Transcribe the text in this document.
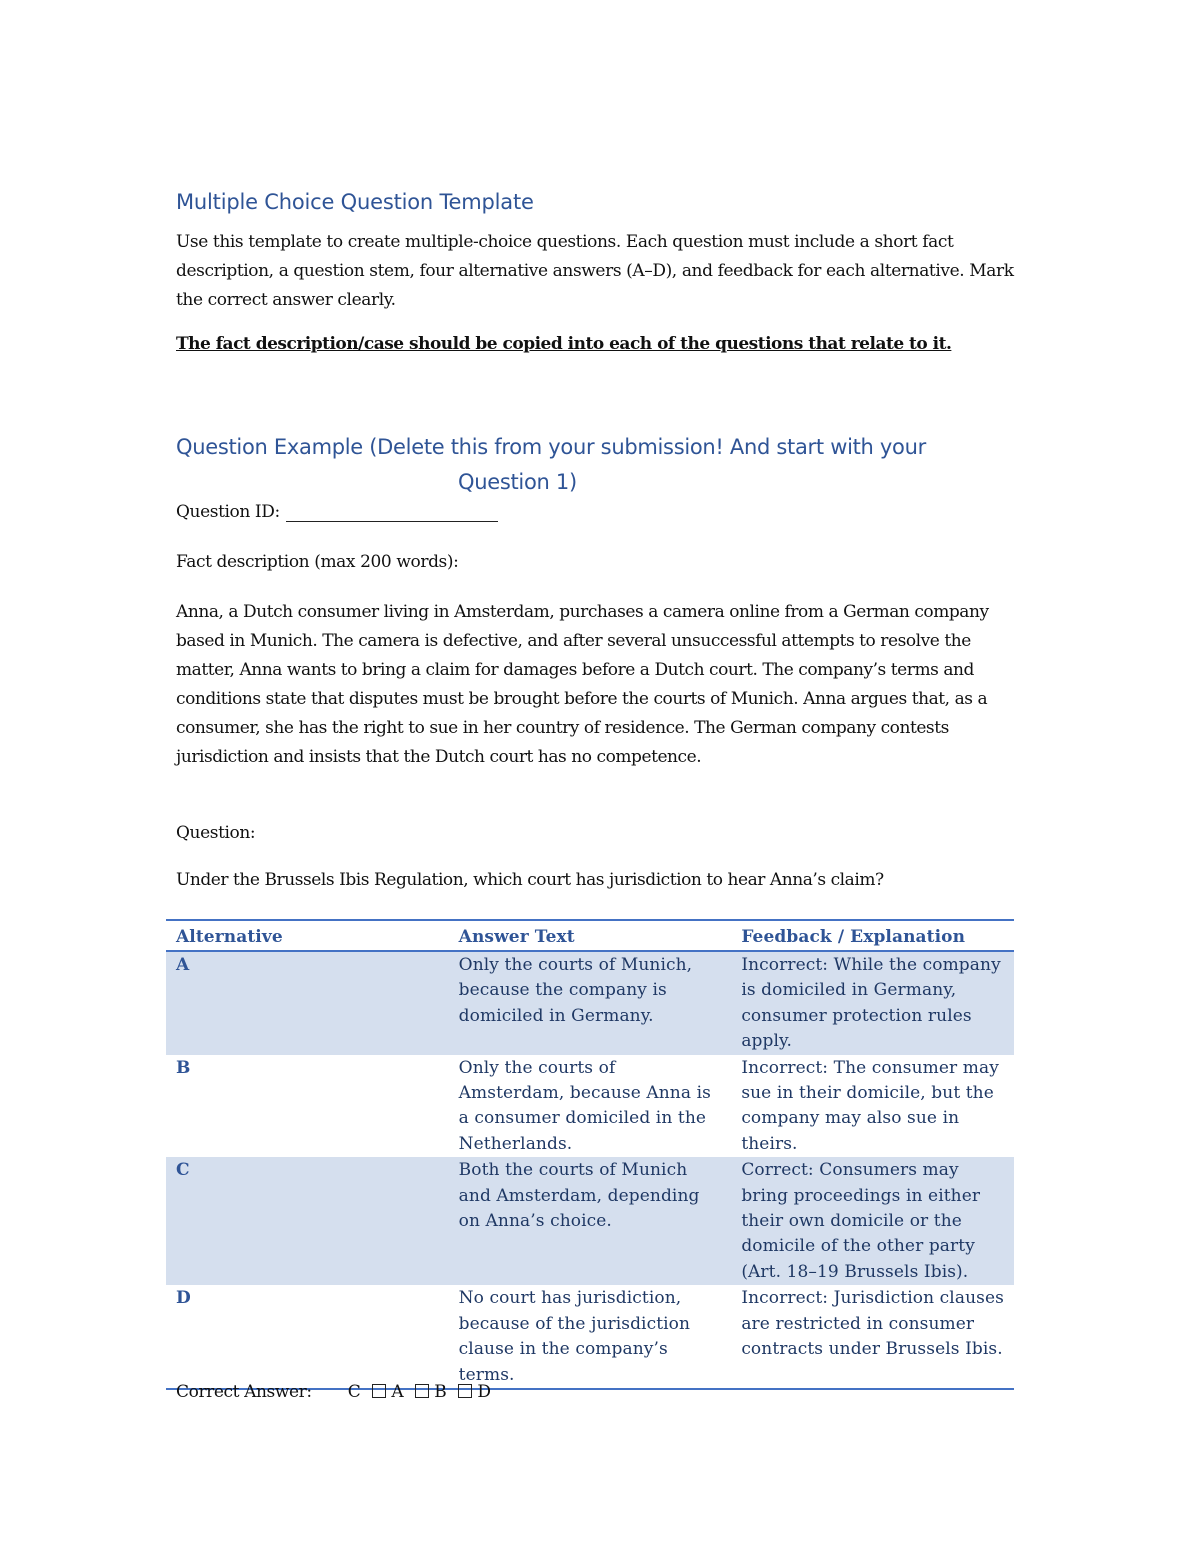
Multiple Choice Question Template
Use this template to create multiple-choice questions. Each question must include a short fact description, a question stem, four alternative answers (A–D), and feedback for each alternative. Mark the correct answer clearly.
The fact description/case should be copied into each of the questions that relate to it.
Question Example (Delete this from your submission! And start with your
Question 1)
Question ID:
Fact description (max 200 words):
Anna, a Dutch consumer living in Amsterdam, purchases a camera online from a German company based in Munich. The camera is defective, and after several unsuccessful attempts to resolve the matter, Anna wants to bring a claim for damages before a Dutch court. The company’s terms and conditions state that disputes must be brought before the courts of Munich. Anna argues that, as a consumer, she has the right to sue in her country of residence. The German company contests jurisdiction and insists that the Dutch court has no competence.
Question:
Under the Brussels Ibis Regulation, which court has jurisdiction to hear Anna’s claim?
Alternative	Answer Text	Feedback / Explanation
A	Only the courts of Munich, because the company is domiciled in Germany.	Incorrect: While the company is domiciled in Germany, consumer protection rules apply.
B	Only the courts of Amsterdam, because Anna is a consumer domiciled in the Netherlands.	Incorrect: The consumer may sue in their domicile, but the company may also sue in theirs.
C	Both the courts of Munich and Amsterdam, depending on Anna’s choice.	Correct: Consumers may bring proceedings in either their own domicile or the domicile of the other party (Art. 18–19 Brussels Ibis).
D	No court has jurisdiction, because of the jurisdiction clause in the company’s terms.	Incorrect: Jurisdiction clauses are restricted in consumer contracts under Brussels Ibis.
Correct Answer: C A B D
